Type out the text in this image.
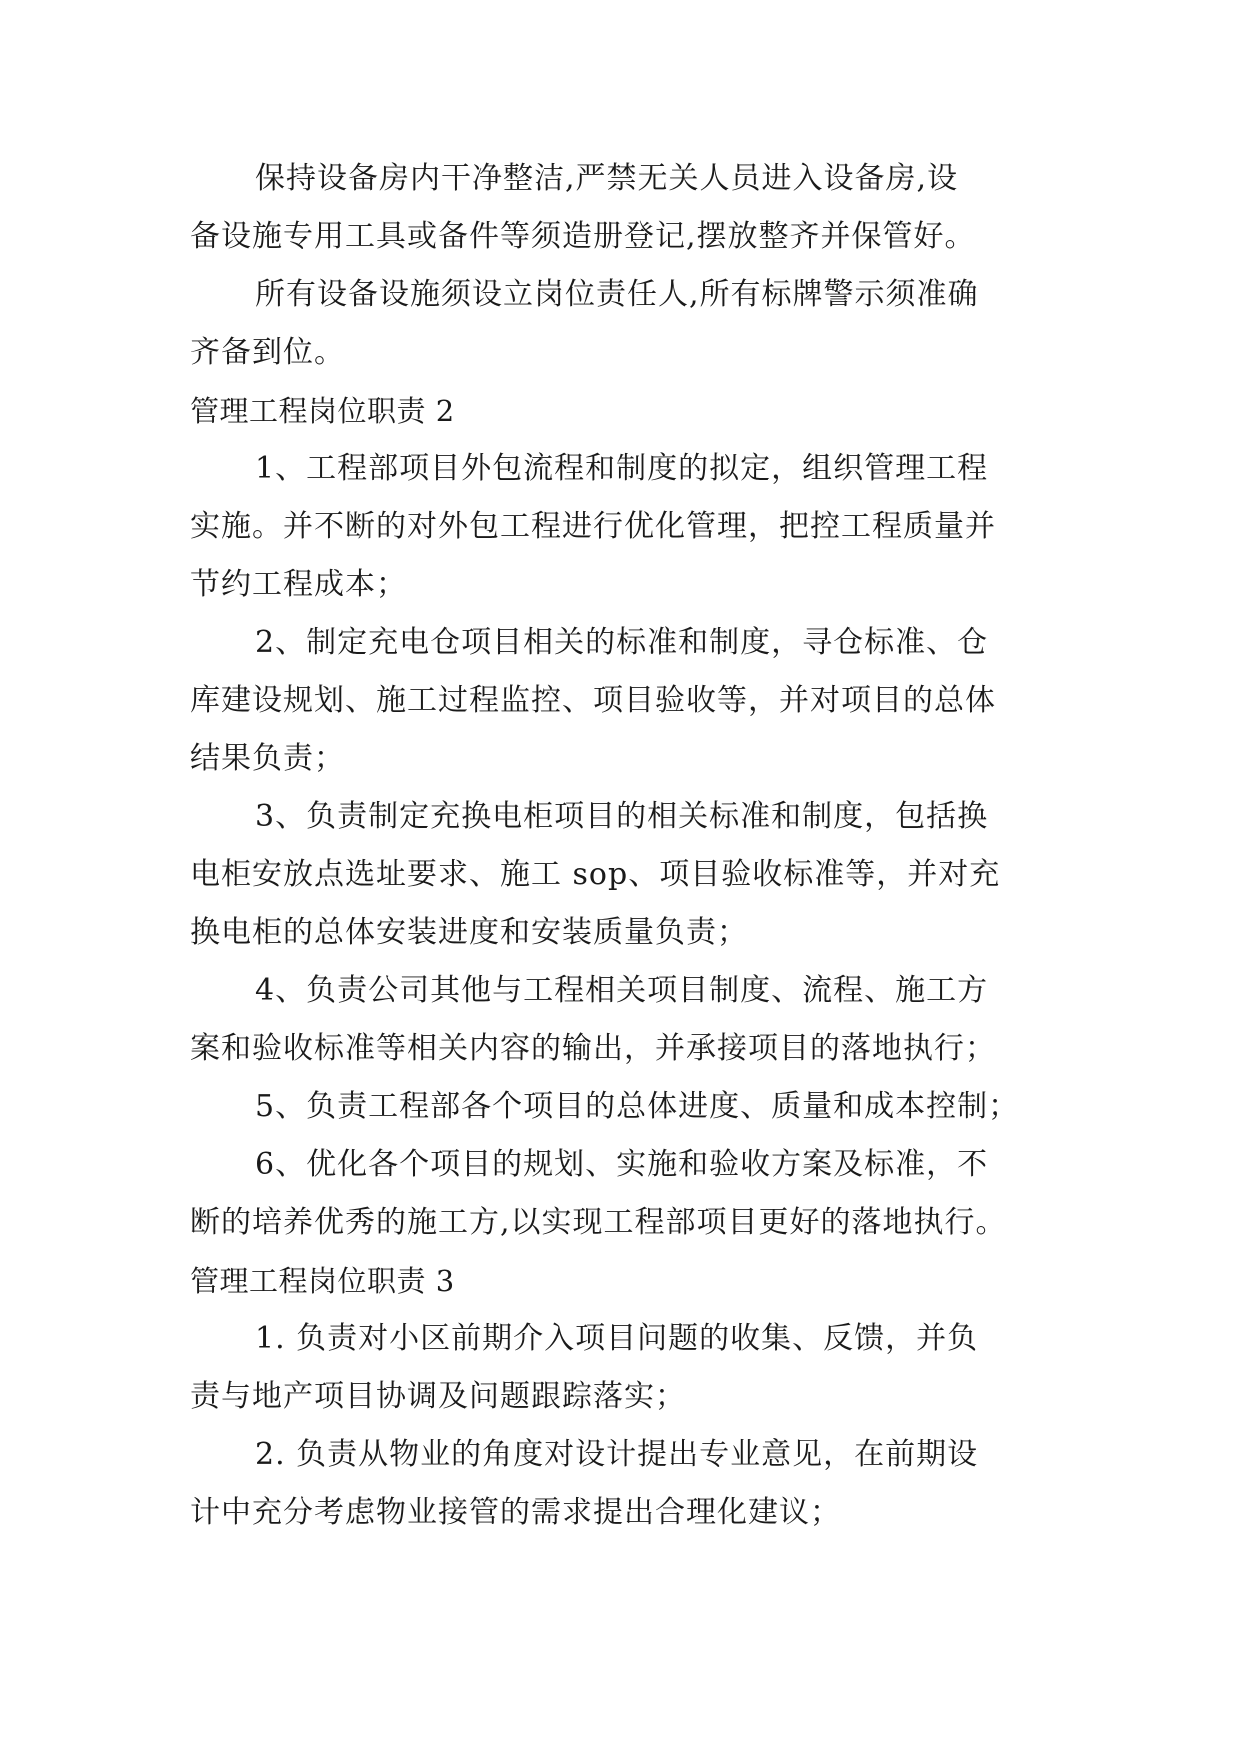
保持设备房内干净整洁,严禁无关人员进入设备房,设
备设施专用工具或备件等须造册登记,摆放整齐并保管好。
所有设备设施须设立岗位责任人,所有标牌警示须准确
齐备到位。
管理工程岗位职责 2
1、工程部项目外包流程和制度的拟定，组织管理工程
实施。并不断的对外包工程进行优化管理，把控工程质量并
节约工程成本；
2、制定充电仓项目相关的标准和制度，寻仓标准、仓
库建设规划、施工过程监控、项目验收等，并对项目的总体
结果负责；
3、负责制定充换电柜项目的相关标准和制度，包括换
电柜安放点选址要求、施工 sop、项目验收标准等，并对充
换电柜的总体安装进度和安装质量负责；
4、负责公司其他与工程相关项目制度、流程、施工方
案和验收标准等相关内容的输出，并承接项目的落地执行；
5、负责工程部各个项目的总体进度、质量和成本控制；
6、优化各个项目的规划、实施和验收方案及标准，不
断的培养优秀的施工方,以实现工程部项目更好的落地执行。
管理工程岗位职责 3
1. 负责对小区前期介入项目问题的收集、反馈，并负
责与地产项目协调及问题跟踪落实；
2. 负责从物业的角度对设计提出专业意见，在前期设
计中充分考虑物业接管的需求提出合理化建议；
